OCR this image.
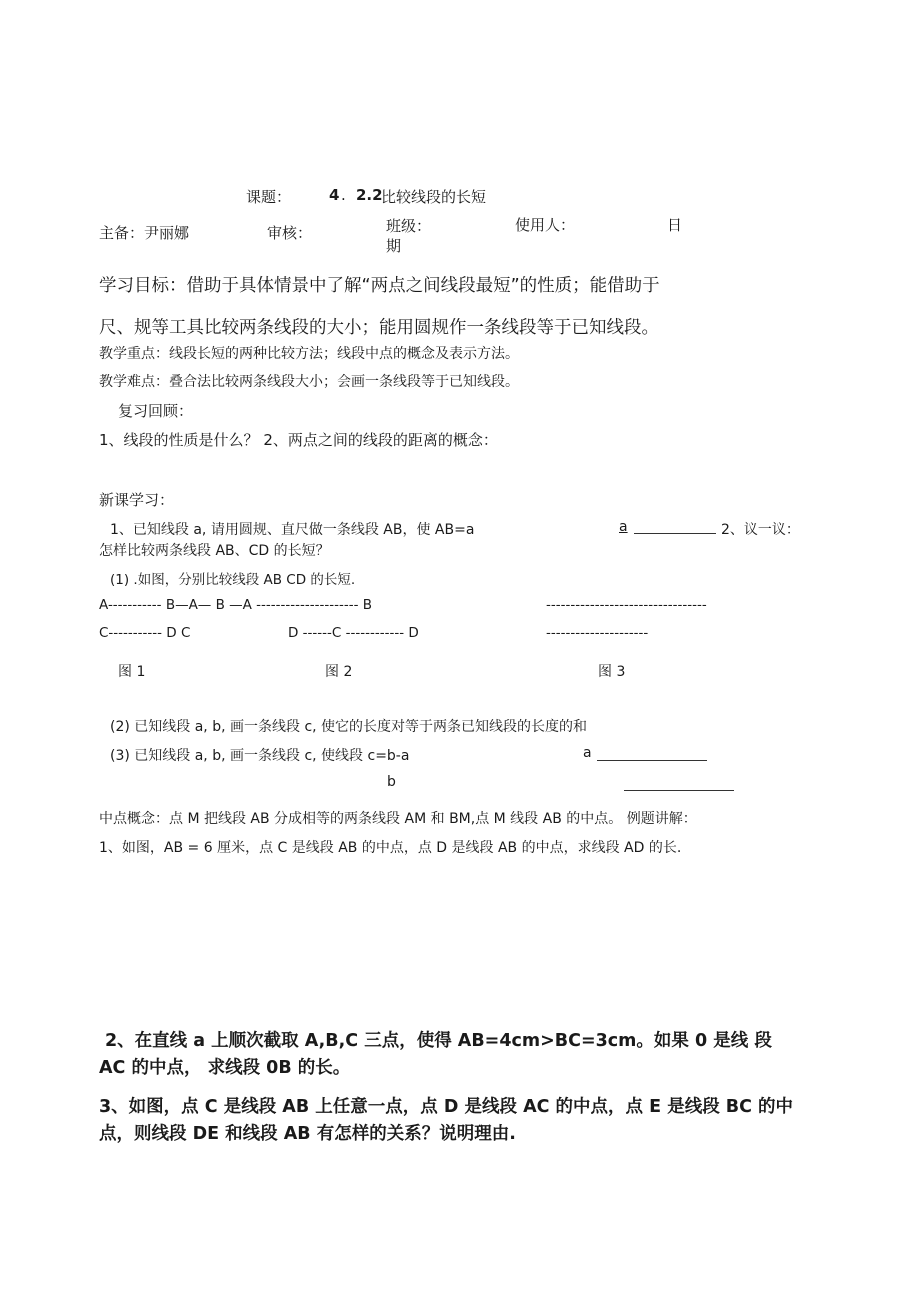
课题：	4 . 2.2
比较线段的长短
主备：尹丽娜	审核：	班级：
期
使用人：	日
学习目标：借助于具体情景中了解“两点之间线段最短”的性质；能借助于
尺、规等工具比较两条线段的大小；能用圆规作一条线段等于已知线段。
教学重点：线段长短的两种比较方法；线段中点的概念及表示方法。
教学难点：叠合法比较两条线段大小；会画一条线段等于已知线段。
复习回顾：
1、线段的性质是什么？ 2、两点之间的线段的距离的概念：
新课学习：
1、已知线段 a, 请用圆规、直尺做一条线段 AB，使 AB=a	a	2、议一议：
怎样比较两条线段 AB、CD 的长短？
(1) .如图，分别比较线段 AB CD 的长短.
A----------- B—A— B —A --------------------- B	---------------------------------
C----------- D C	D ------C ------------ D	---------------------
图 1	图 2	图 3
(2) 已知线段 a, b, 画一条线段 c, 使它的长度对等于两条已知线段的长度的和
(3) 已知线段 a, b, 画一条线段 c, 使线段 c=b-a	a
b
中点概念：点 M 把线段 AB 分成相等的两条线段 AM 和 BM,点 M 线段 AB 的中点。 例题讲解：
1、如图，AB = 6 厘米，点 C 是线段 AB 的中点，点 D 是线段 AB 的中点，求线段 AD 的长.
2、在直线 a 上顺次截取 A,B,C 三点，使得 AB=4cm>BC=3cm。如果 0 是线 段
AC 的中点， 求线段 0B 的长。
3、如图，点 C 是线段 AB 上任意一点，点 D 是线段 AC 的中点，点 E 是线段 BC 的中
点，则线段 DE 和线段 AB 有怎样的关系？说明理由.
